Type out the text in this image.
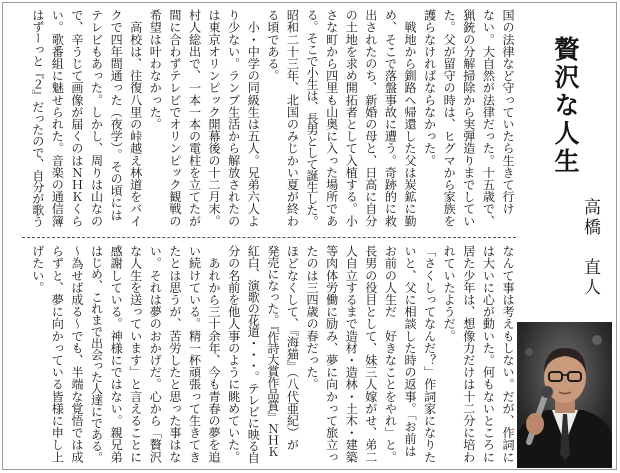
国の法律など守っていたら生きて行け
ない。大自然が法律だった。十五歳で、
猟銃の分解掃除から実弾造りまでしてい
た。父が留守の時は、ヒグマから家族を
護らなければならなかった。
　戦地から釧路へ帰還した父は炭鉱に勤
め、そこで落盤事故に遭う。奇跡的に救
出されたのち、新婚の母と、日高に自分
の土地を求め開拓者として入植する。小
さな町から四里も山奥に入った場所であ
る。そこで小生は、長男として誕生した。
昭和二十三年、北国のみじかい夏が終わ
る頃である。
　小・中学の同級生は五人。兄弟六人よ
り少ない。ランプ生活から解放されたの
は東京オリンピック開幕後の十二月末。
村人総出で、一本一本の電柱を立てたが
間に合わずテレビでオリンピック観戦の
希望は叶わなかった。
　高校は、往復八里の峠越え林道をバイ
クで四年間通った（夜学）。その頃には
テレビもあった。しかし、周りは山なの
で、辛うじて画像が届くのはＮＨＫくら
い。歌番組に魅せられた。音楽の通信簿
はずーっと『２』だったので、自分が歌う
なんて事は考えもしない。だが、作詞に
は大いに心が動いた。何もないところに
居た少年は、想像力だけは十二分に培わ
れていたようだ。
「さくしってなんだ？」作詞家になりた
いと、父に相談した時の返事。「お前は
お前の人生だ　好きなことをやれ」と。
長男の役目として、妹三人嫁がせ、弟二
人自立するまで造材・造林・土木・建築
等肉体労働に励み、夢に向かって旅立っ
たのは三四歳の春だった。
ほどなくして、『海猫』（八代亜紀）が
発売になった。『作詩大賞作品賞』ＮＨＫ
紅白、演歌の花道・・・。テレビに映る自
分の名前を他人事のように眺めていた。
　あれから三十余年、今も青春の夢を追
い続けている。精一杯頑張って生きてき
たとは思うが、苦労したと思った事はな
い。それは夢のおかげだ。心から「贅沢
な人生を送っています」と言えることに
感謝している。神様にではない。親兄弟
はじめ、これまで出会った人達にである。
〜為せば成る〜でも、半端な覚悟では成
らずと、夢に向かっている皆様に申し上
げたい。
贅沢な人生
高橋　直人
